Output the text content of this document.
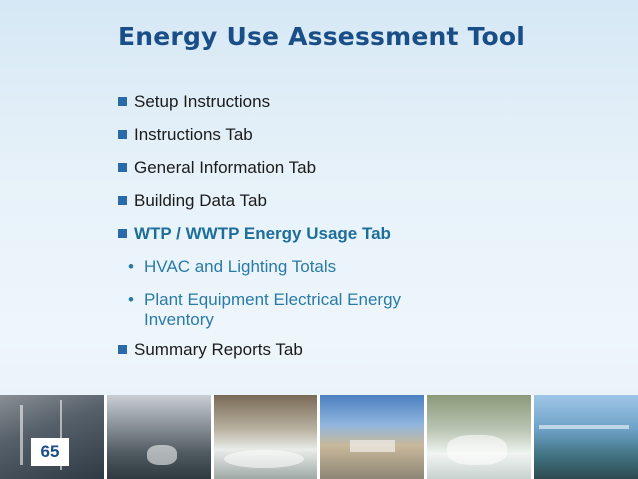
Energy Use Assessment Tool
Setup Instructions
Instructions Tab
General Information Tab
Building Data Tab
WTP / WWTP Energy Usage Tab
• HVAC and Lighting Totals
• Plant Equipment Electrical Energy Inventory
Summary Reports Tab
65
